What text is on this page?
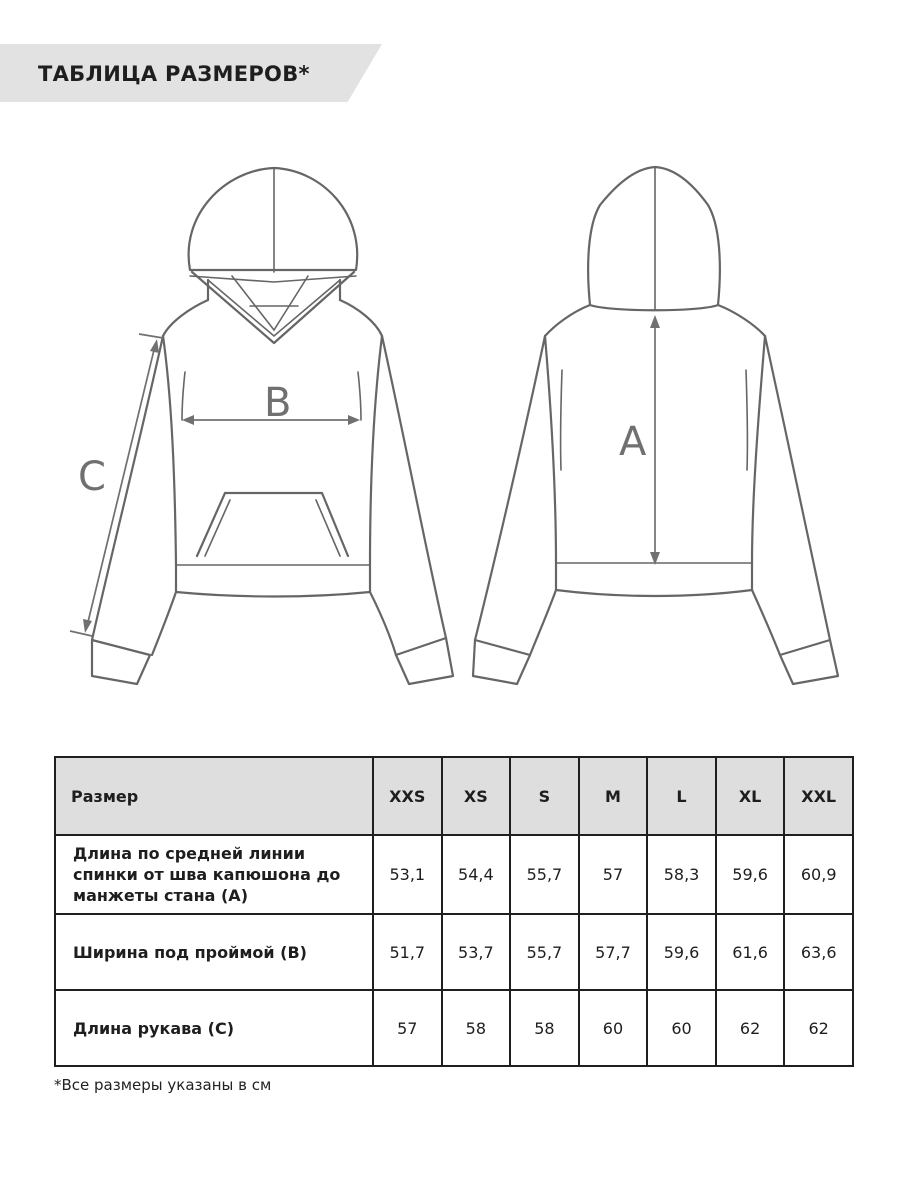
ТАБЛИЦА РАЗМЕРОВ*
B
A
C
Размер	XXS	XS	S	M	L	XL	XXL
Длина по средней линии спинки от шва капюшона до манжеты стана (A)	53,1	54,4	55,7	57	58,3	59,6	60,9
Ширина под проймой (B)	51,7	53,7	55,7	57,7	59,6	61,6	63,6
Длина рукава (C)	57	58	58	60	60	62	62
*Все размеры указаны в см
